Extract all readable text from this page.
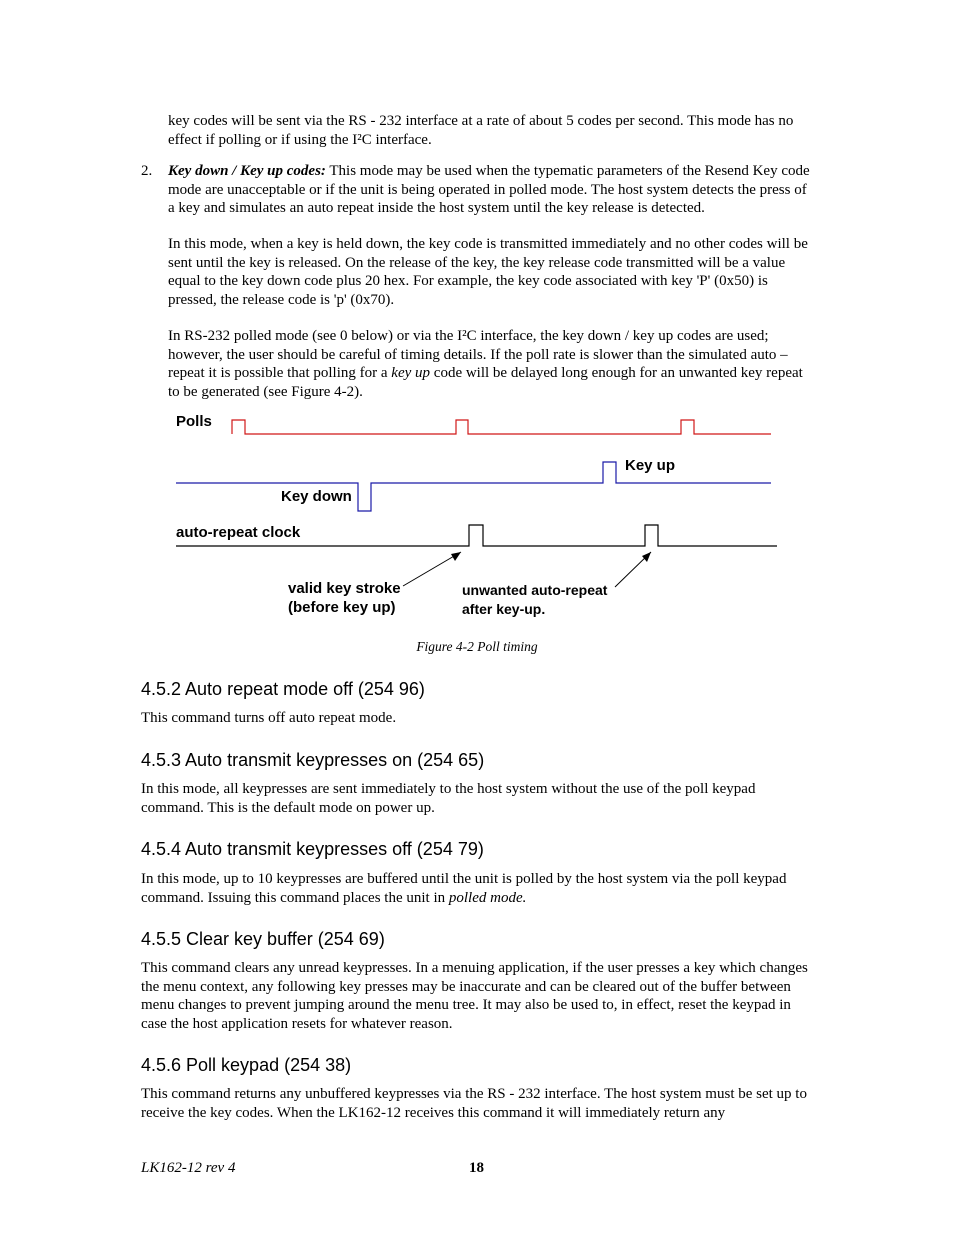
key codes will be sent via the RS - 232 interface at a rate of about 5 codes per second. This mode has no effect if polling or if using the I²C interface.

2. Key down / Key up codes: This mode may be used when the typematic parameters of the Resend Key code mode are unacceptable or if the unit is being operated in polled mode. The host system detects the press of a key and simulates an auto repeat inside the host system until the key release is detected.

In this mode, when a key is held down, the key code is transmitted immediately and no other codes will be sent until the key is released. On the release of the key, the key release code transmitted will be a value equal to the key down code plus 20 hex. For example, the key code associated with key 'P' (0x50) is pressed, the release code is 'p' (0x70).

In RS-232 polled mode (see 0 below) or via the I²C interface, the key down / key up codes are used; however, the user should be careful of timing details. If the poll rate is slower than the simulated auto – repeat it is possible that polling for a key up code will be delayed long enough for an unwanted key repeat to be generated (see Figure 4-2).

Polls
Key up
Key down
auto-repeat clock
valid key stroke
(before key up)
unwanted auto-repeat
after key-up.
Figure 4-2 Poll timing
4.5.2 Auto repeat mode off (254 96)

This command turns off auto repeat mode.

4.5.3 Auto transmit keypresses on (254 65)

In this mode, all keypresses are sent immediately to the host system without the use of the poll keypad command. This is the default mode on power up.

4.5.4 Auto transmit keypresses off (254 79)

In this mode, up to 10 keypresses are buffered until the unit is polled by the host system via the poll keypad command. Issuing this command places the unit in polled mode.

4.5.5 Clear key buffer (254 69)

This command clears any unread keypresses. In a menuing application, if the user presses a key which changes the menu context, any following key presses may be inaccurate and can be cleared out of the buffer between menu changes to prevent jumping around the menu tree. It may also be used to, in effect, reset the keypad in case the host application resets for whatever reason.

4.5.6 Poll keypad (254 38)

This command returns any unbuffered keypresses via the RS - 232 interface. The host system must be set up to receive the key codes. When the LK162-12 receives this command it will immediately return any

LK162-12 rev 4	18
